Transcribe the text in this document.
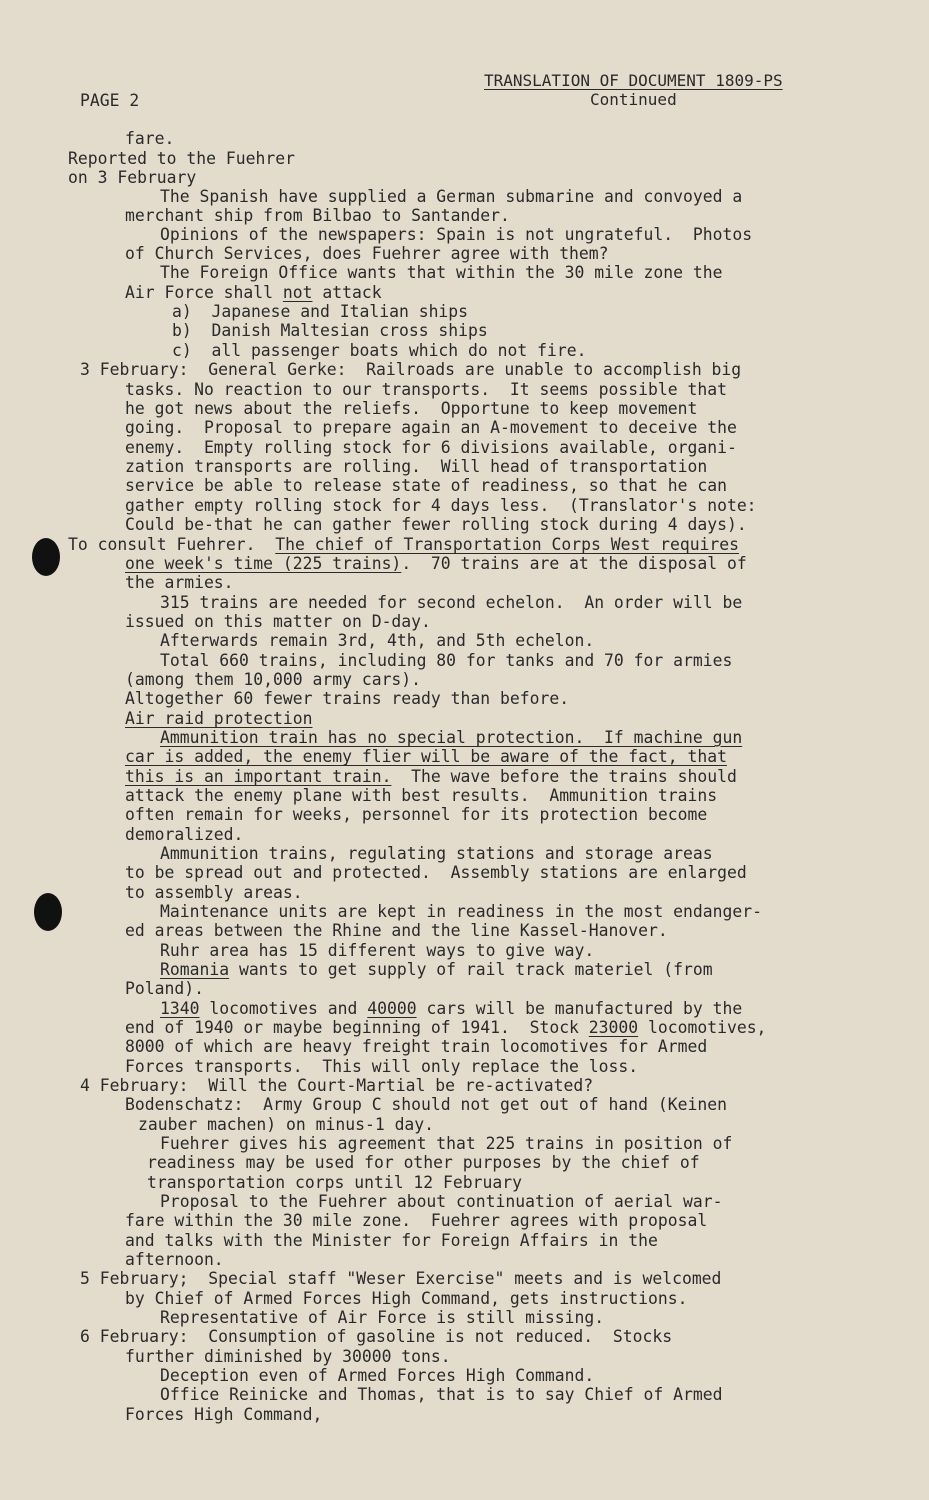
PAGE 2
TRANSLATION OF DOCUMENT 1809-PS
Continued
fare.
Reported to the Fuehrer
on 3 February
The Spanish have supplied a German submarine and convoyed a
merchant ship from Bilbao to Santander.
Opinions of the newspapers: Spain is not ungrateful.  Photos
of Church Services, does Fuehrer agree with them?
The Foreign Office wants that within the 30 mile zone the
Air Force shall not attack
a)  Japanese and Italian ships
b)  Danish Maltesian cross ships
c)  all passenger boats which do not fire.
3 February:  General Gerke:  Railroads are unable to accomplish big
tasks. No reaction to our transports.  It seems possible that
he got news about the reliefs.  Opportune to keep movement
going.  Proposal to prepare again an A-movement to deceive the
enemy.  Empty rolling stock for 6 divisions available, organi-
zation transports are rolling.  Will head of transportation
service be able to release state of readiness, so that he can
gather empty rolling stock for 4 days less.  (Translator's note:
Could be-that he can gather fewer rolling stock during 4 days).
To consult Fuehrer.  The chief of Transportation Corps West requires
one week's time (225 trains).  70 trains are at the disposal of
the armies.
315 trains are needed for second echelon.  An order will be
issued on this matter on D-day.
Afterwards remain 3rd, 4th, and 5th echelon.
Total 660 trains, including 80 for tanks and 70 for armies
(among them 10,000 army cars).
Altogether 60 fewer trains ready than before.
Air raid protection
Ammunition train has no special protection.  If machine gun
car is added, the enemy flier will be aware of the fact, that
this is an important train.  The wave before the trains should
attack the enemy plane with best results.  Ammunition trains
often remain for weeks, personnel for its protection become
demoralized.
Ammunition trains, regulating stations and storage areas
to be spread out and protected.  Assembly stations are enlarged
to assembly areas.
Maintenance units are kept in readiness in the most endanger-
ed areas between the Rhine and the line Kassel-Hanover.
Ruhr area has 15 different ways to give way.
Romania wants to get supply of rail track materiel (from
Poland).
1340 locomotives and 40000 cars will be manufactured by the
end of 1940 or maybe beginning of 1941.  Stock 23000 locomotives,
8000 of which are heavy freight train locomotives for Armed
Forces transports.  This will only replace the loss.
4 February:  Will the Court-Martial be re-activated?
Bodenschatz:  Army Group C should not get out of hand (Keinen
zauber machen) on minus-1 day.
Fuehrer gives his agreement that 225 trains in position of
readiness may be used for other purposes by the chief of
transportation corps until 12 February
Proposal to the Fuehrer about continuation of aerial war-
fare within the 30 mile zone.  Fuehrer agrees with proposal
and talks with the Minister for Foreign Affairs in the
afternoon.
5 February;  Special staff "Weser Exercise" meets and is welcomed
by Chief of Armed Forces High Command, gets instructions.
Representative of Air Force is still missing.
6 February:  Consumption of gasoline is not reduced.  Stocks
further diminished by 30000 tons.
Deception even of Armed Forces High Command.
Office Reinicke and Thomas, that is to say Chief of Armed
Forces High Command,
